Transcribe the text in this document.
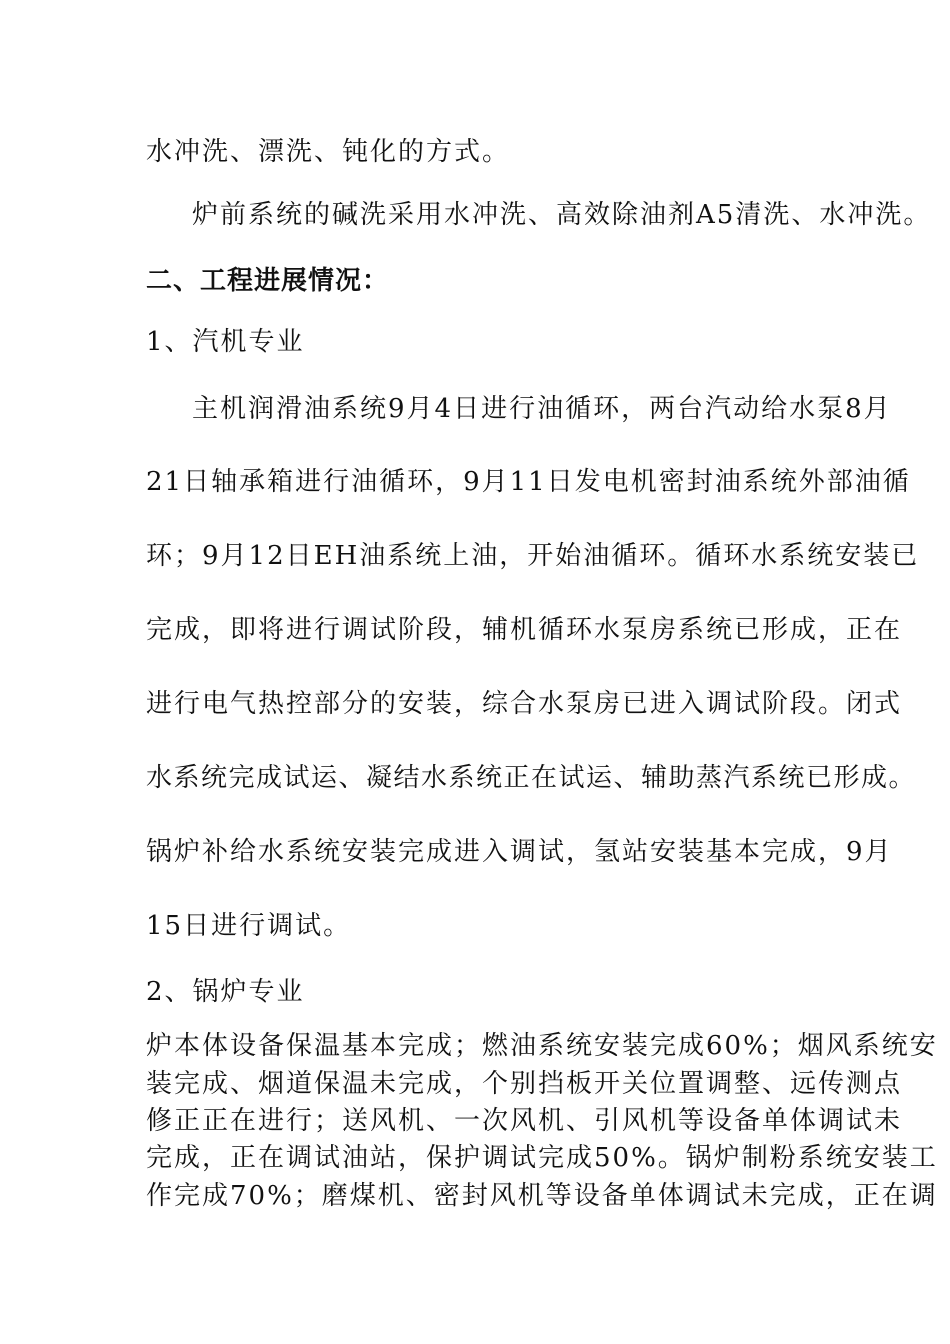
水冲洗、漂洗、钝化的方式。
炉前系统的碱洗采用水冲洗、高效除油剂A5清洗、水冲洗。
二、工程进展情况：
1、汽机专业
主机润滑油系统9月4日进行油循环，两台汽动给水泵8月
21日轴承箱进行油循环，9月11日发电机密封油系统外部油循
环；9月12日EH油系统上油，开始油循环。循环水系统安装已
完成，即将进行调试阶段，辅机循环水泵房系统已形成，正在
进行电气热控部分的安装，综合水泵房已进入调试阶段。闭式
水系统完成试运、凝结水系统正在试运、辅助蒸汽系统已形成。
锅炉补给水系统安装完成进入调试，氢站安装基本完成，9月
15日进行调试。
2、锅炉专业
炉本体设备保温基本完成；燃油系统安装完成60%；烟风系统安
装完成、烟道保温未完成，个别挡板开关位置调整、远传测点
修正正在进行；送风机、一次风机、引风机等设备单体调试未
完成，正在调试油站，保护调试完成50%。锅炉制粉系统安装工
作完成70%；磨煤机、密封风机等设备单体调试未完成，正在调
